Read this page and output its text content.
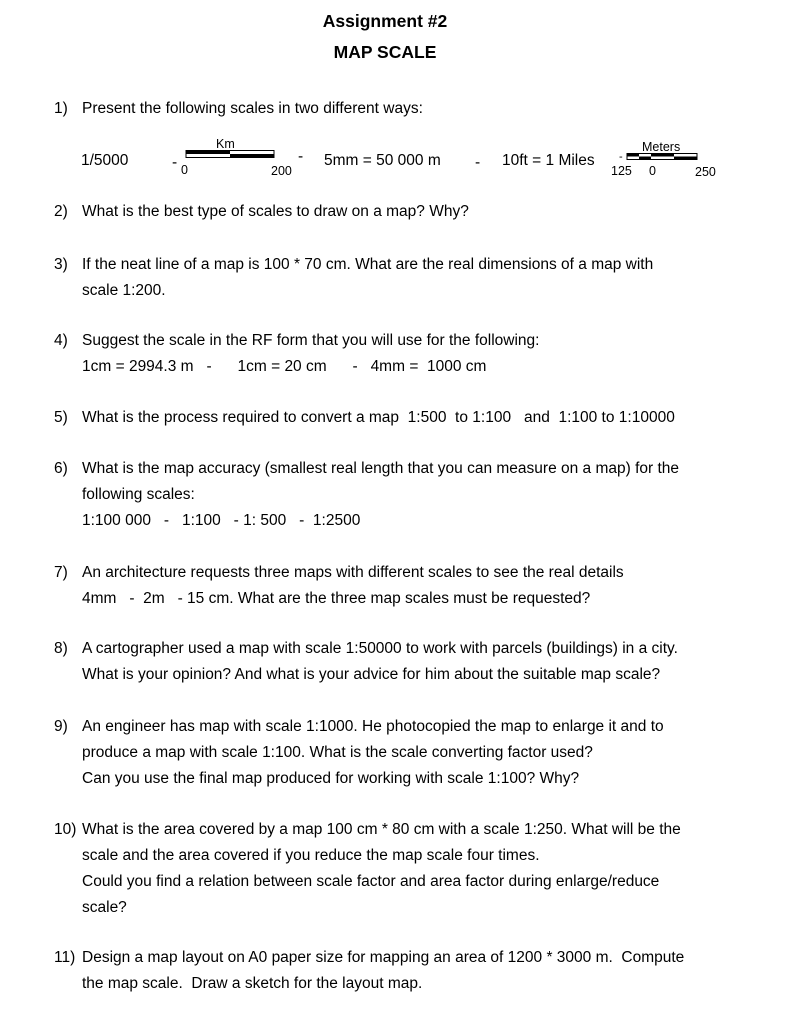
Assignment #2
MAP SCALE
1) Present the following scales in two different ways:
1/5000	-
Km
0	200
- 5mm = 50 000 m - 10ft = 1 Miles
Meters
-
125 0	250
2) What is the best type of scales to draw on a map? Why?
3) If the neat line of a map is 100 * 70 cm. What are the real dimensions of a map with
scale 1:200.
4) Suggest the scale in the RF form that you will use for the following:
1cm = 2994.3 m   -      1cm = 20 cm      -   4mm =  1000 cm
5) What is the process required to convert a map  1:500  to 1:100   and  1:100 to 1:10000
6) What is the map accuracy (smallest real length that you can measure on a map) for the
following scales:
1:100 000   -   1:100   - 1: 500   -  1:2500
7) An architecture requests three maps with different scales to see the real details
4mm   -  2m   - 15 cm. What are the three map scales must be requested?
8) A cartographer used a map with scale 1:50000 to work with parcels (buildings) in a city.
What is your opinion? And what is your advice for him about the suitable map scale?
9) An engineer has map with scale 1:1000. He photocopied the map to enlarge it and to
produce a map with scale 1:100. What is the scale converting factor used?
Can you use the final map produced for working with scale 1:100? Why?
10) What is the area covered by a map 100 cm * 80 cm with a scale 1:250. What will be the
scale and the area covered if you reduce the map scale four times.
Could you find a relation between scale factor and area factor during enlarge/reduce
scale?
11) Design a map layout on A0 paper size for mapping an area of 1200 * 3000 m.  Compute
the map scale.  Draw a sketch for the layout map.
